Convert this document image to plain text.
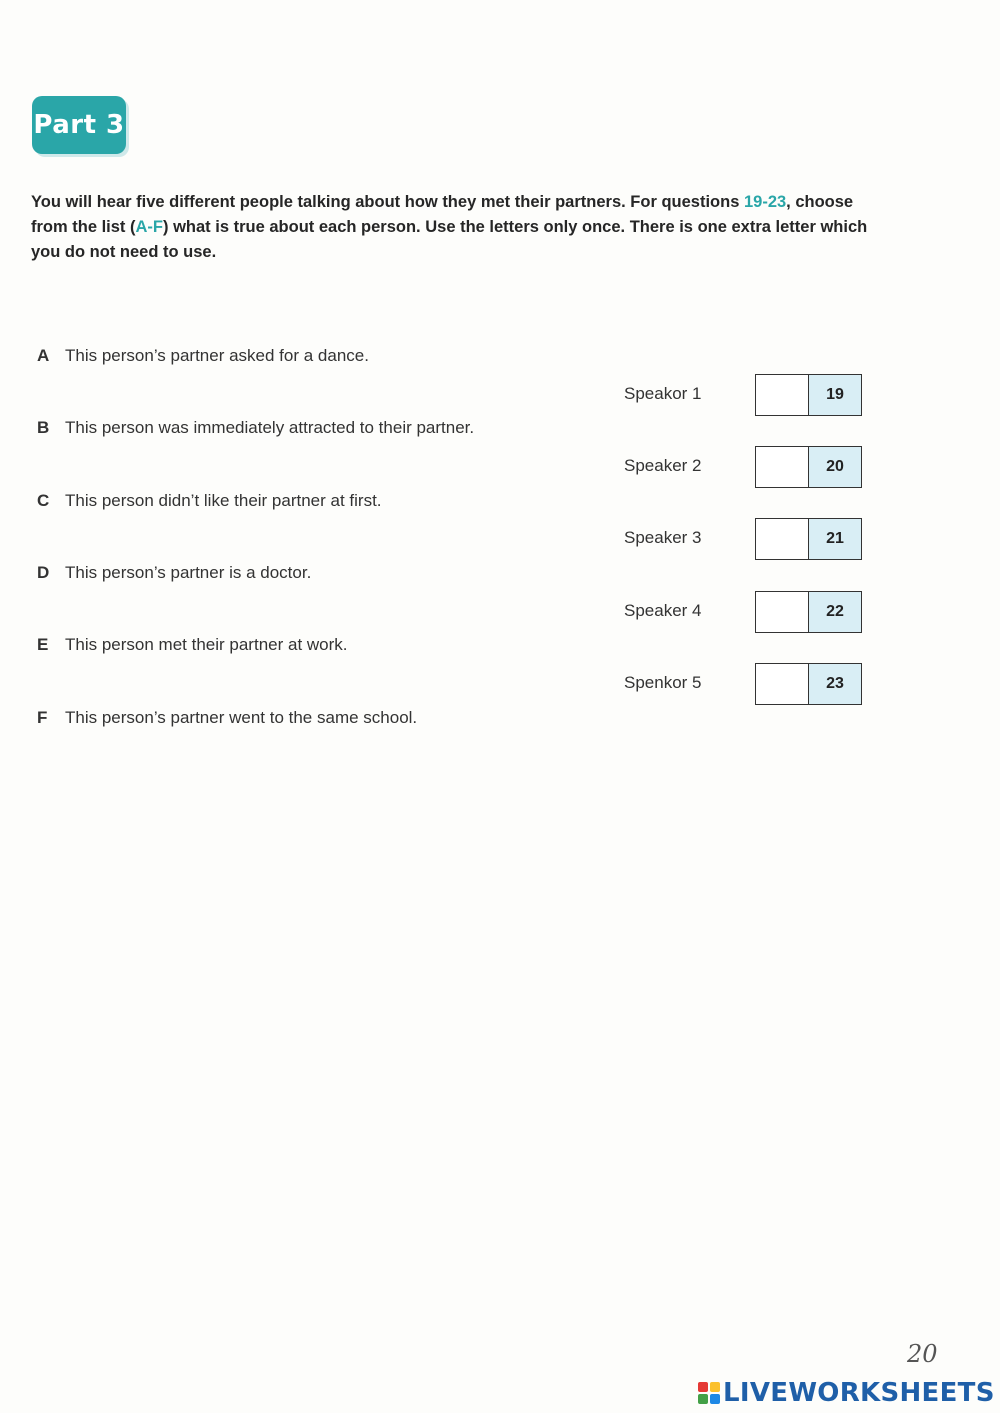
Part 3
You will hear five different people talking about how they met their partners. For questions 19-23, choose from the list (A-F) what is true about each person. Use the letters only once. There is one extra letter which you do not need to use.
A This person’s partner asked for a dance.
B This person was immediately attracted to their partner.
C This person didn’t like their partner at first.
D This person’s partner is a doctor.
E This person met their partner at work.
F	This person’s partner went to the same school.
Speakor 1	19
Speaker 2	20
Speaker 3	21
Speaker 4	22
Spenkor 5	23
20
LIVEWORKSHEETS
